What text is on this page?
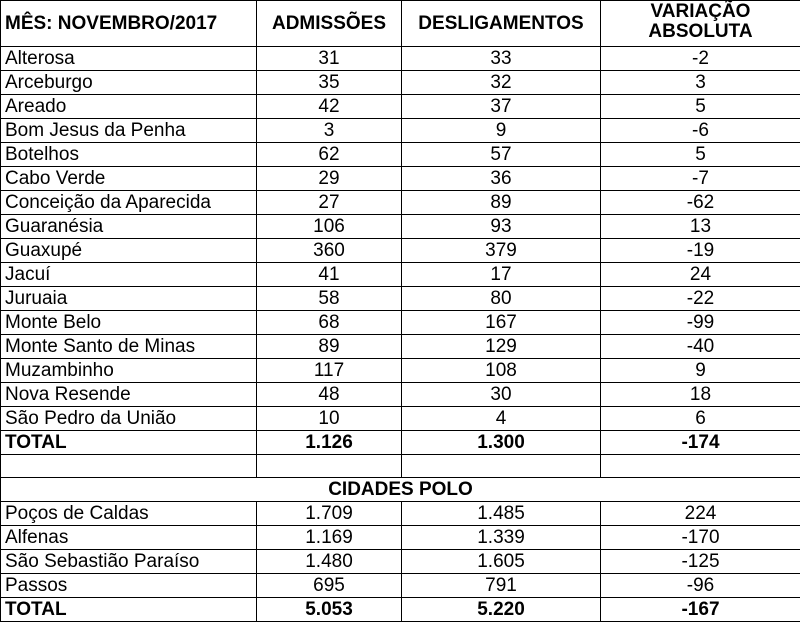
MÊS: NOVEMBRO/2017	ADMISSÕES	DESLIGAMENTOS	VARIAÇÃO
ABSOLUTA

Alterosa	31	33	-2
Arceburgo	35	32	3
Areado	42	37	5
Bom Jesus da Penha	3	9	-6
Botelhos	62	57	5
Cabo Verde	29	36	-7
Conceição da Aparecida	27	89	-62
Guaranésia	106	93	13
Guaxupé	360	379	-19
Jacuí	41	17	24
Juruaia	58	80	-22
Monte Belo	68	167	-99
Monte Santo de Minas	89	129	-40
Muzambinho	117	108	9
Nova Resende	48	30	18
São Pedro da União	10	4	6
TOTAL	1.126	1.300	-174

CIDADES POLO			
Poços de Caldas	1.709	1.485	224
Alfenas	1.169	1.339	-170
São Sebastião Paraíso	1.480	1.605	-125
Passos	695	791	-96
TOTAL	5.053	5.220	-167
